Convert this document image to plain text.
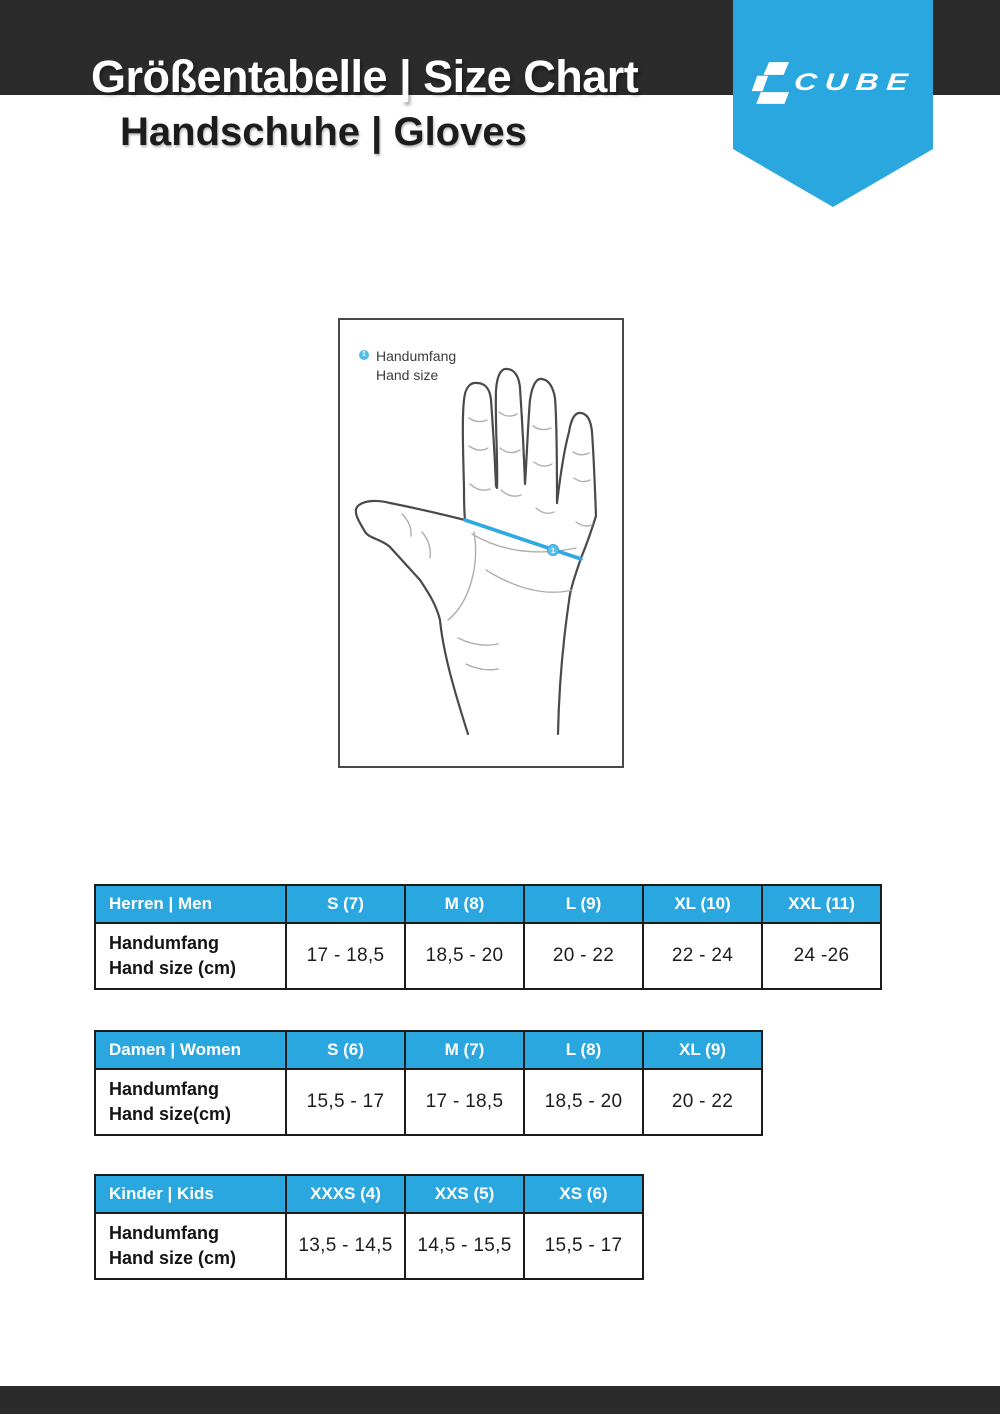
Größentabelle | Size Chart
Handschuhe | Gloves
CUBE
1 Handumfang
Hand size
1
Herren | Men	S (7)	M (8)	L (9)	XL (10)	XXL (11)
Handumfang
Hand size (cm)	17 - 18,5	18,5 - 20	20 - 22	22 - 24	24 -26
Damen | Women	S (6)	M (7)	L (8)	XL (9)
Handumfang
Hand size(cm)	15,5 - 17	17 - 18,5	18,5 - 20	20 - 22
Kinder | Kids	XXXS (4)	XXS (5)	XS (6)
Handumfang
Hand size (cm)	13,5 - 14,5	14,5 - 15,5	15,5 - 17
